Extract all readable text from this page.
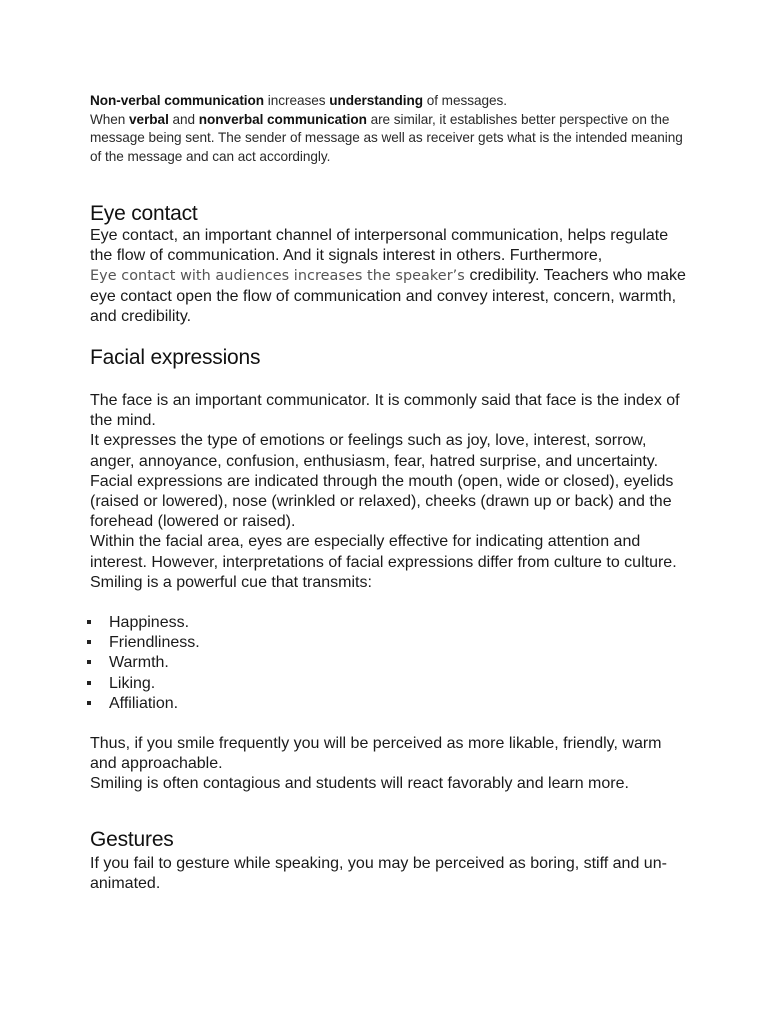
Non-verbal communication increases understanding of messages.

When verbal and nonverbal communication are similar, it establishes better perspective on the message being sent. The sender of message as well as receiver gets what is the intended meaning of the message and can act accordingly.

Eye contact

Eye contact, an important channel of interpersonal communication, helps regulate the flow of communication. And it signals interest in others. Furthermore,

Eye contact with audiences increases the speaker’s credibility. Teachers who make eye contact open the flow of communication and convey interest, concern, warmth, and credibility.

Facial expressions

The face is an important communicator. It is commonly said that face is the index of the mind.

It expresses the type of emotions or feelings such as joy, love, interest, sorrow, anger, annoyance, confusion, enthusiasm, fear, hatred surprise, and uncertainty.

Facial expressions are indicated through the mouth (open, wide or closed), eyelids (raised or lowered), nose (wrinkled or relaxed), cheeks (drawn up or back) and the forehead (lowered or raised).

Within the facial area, eyes are especially effective for indicating attention and interest. However, interpretations of facial expressions differ from culture to culture.

Smiling is a powerful cue that transmits:

Happiness.
Friendliness.
Warmth.
Liking.
Affiliation.

Thus, if you smile frequently you will be perceived as more likable, friendly, warm and approachable.

Smiling is often contagious and students will react favorably and learn more.

Gestures

If you fail to gesture while speaking, you may be perceived as boring, stiff and un-animated.
